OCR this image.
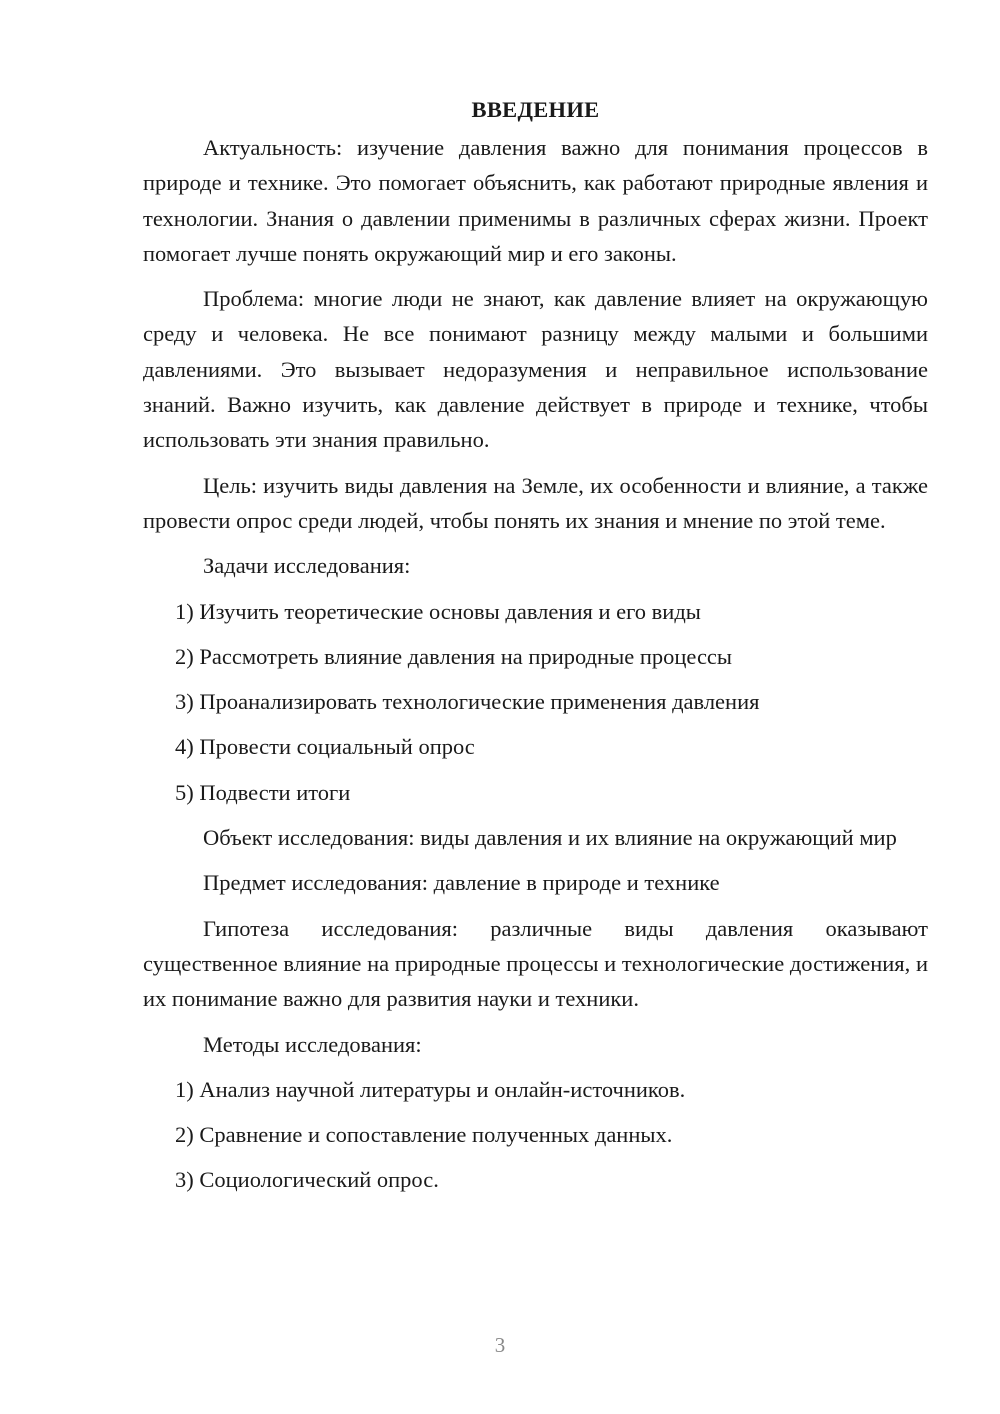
ВВЕДЕНИЕ

Актуальность: изучение давления важно для понимания процессов в природе и технике. Это помогает объяснить, как работают природные явления и технологии. Знания о давлении применимы в различных сферах жизни. Проект помогает лучше понять окружающий мир и его законы.

Проблема: многие люди не знают, как давление влияет на окружающую среду и человека. Не все понимают разницу между малыми и большими давлениями. Это вызывает недоразумения и неправильное использование знаний. Важно изучить, как давление действует в природе и технике, чтобы использовать эти знания правильно.

Цель: изучить виды давления на Земле, их особенности и влияние, а также провести опрос среди людей, чтобы понять их знания и мнение по этой теме.

Задачи исследования:
1) Изучить теоретические основы давления и его виды
2) Рассмотреть влияние давления на природные процессы
3) Проанализировать технологические применения давления
4) Провести социальный опрос
5) Подвести итоги

Объект исследования: виды давления и их влияние на окружающий мир

Предмет исследования: давление в природе и технике

Гипотеза исследования: различные виды давления оказывают существенное влияние на природные процессы и технологические достижения, и их понимание важно для развития науки и техники.

Методы исследования:
1) Анализ научной литературы и онлайн-источников.
2) Сравнение и сопоставление полученных данных.
3) Социологический опрос.
3
